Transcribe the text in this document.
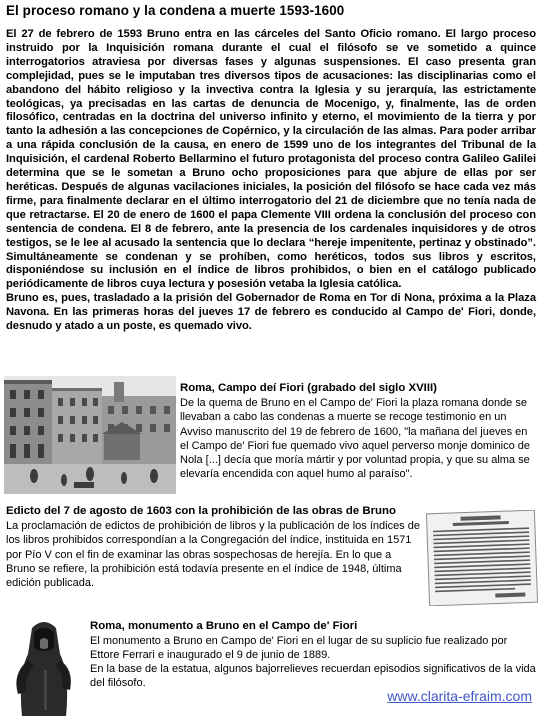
El proceso romano y la condena a muerte 1593-1600

El 27 de febrero de 1593 Bruno entra en las cárceles del Santo Oficio romano. El largo proceso instruido por la Inquisición romana durante el cual el filósofo se ve sometido a quince interrogatorios atraviesa por diversas fases y algunas suspensiones. El caso presenta gran complejidad, pues se le imputaban tres diversos tipos de acusaciones: las disciplinarias como el abandono del hábito religioso y la invectiva contra la Iglesia y su jerarquía, las estrictamente teológicas, ya precisadas en las cartas de denuncia de Mocenigo, y, finalmente, las de orden filosófico, centradas en la doctrina del universo infinito y eterno, el movimiento de la tierra y por tanto la adhesión a las concepciones de Copérnico, y la circulación de las almas. Para poder arribar a una rápida conclusión de la causa, en enero de 1599 uno de los integrantes del Tribunal de la Inquisición, el cardenal Roberto Bellarmino el futuro protagonista del proceso contra Galileo Galilei determina que se le sometan a Bruno ocho proposiciones para que abjure de ellas por ser heréticas. Después de algunas vacilaciones iniciales, la posición del filósofo se hace cada vez más firme, para finalmente declarar en el último interrogatorio del 21 de diciembre que no tenía nada de que retractarse. El 20 de enero de 1600 el papa Clemente VIII ordena la conclusión del proceso con sentencia de condena. El 8 de febrero, ante la presencia de los cardenales inquisidores y de otros testigos, se le lee al acusado la sentencia que lo declara “hereje impenitente, pertinaz y obstinado”. Simultáneamente se condenan y se prohíben, como heréticos, todos sus libros y escritos, disponiéndose su inclusión en el índice de libros prohibidos, o bien en el catálogo publicado periódicamente de libros cuya lectura y posesión vetaba la Iglesia católica.

Bruno es, pues, trasladado a la prisión del Gobernador de Roma en Tor di Nona, próxima a la Plaza Navona. En las primeras horas del jueves 17 de febrero es conducido al Campo de' Fiori, donde, desnudo y atado a un poste, es quemado vivo.

Roma, Campo deí Fiori (grabado del siglo XVIII)
De la quema de Bruno en el Campo de' Fiori la plaza romana donde se llevaban a cabo las condenas a muerte se recoge testimonio en un Avviso manuscrito del 19 de febrero de 1600, "la mañana del jueves en el Campo de' Fiori fue quemado vivo aquel perverso monje dominico de Nola [...] decía que moría mártir y por voluntad propia, y que su alma se elevaría encendida con aquel humo al paraíso".
Edicto del 7 de agosto de 1603 con la prohibición de las obras de Bruno
La proclamación de edictos de prohibición de libros y la publicación de los índices de los libros prohibidos correspondían a la Congregación del índice, instituida en 1571 por Pío V con el fin de examinar las obras sospechosas de herejía. En lo que a Bruno se refiere, la prohibición está todavía presente en el índice de 1948, última edición publicada.
Roma, monumento a Bruno en el Campo de' Fiori
El monumento a Bruno en Campo de' Fiori en el lugar de su suplicio fue realizado por Ettore Ferrari e inaugurado el 9 de junio de 1889.
En la base de la estatua, algunos bajorrelieves recuerdan episodios significativos de la vida del filósofo.
www.clarita-efraim.com
